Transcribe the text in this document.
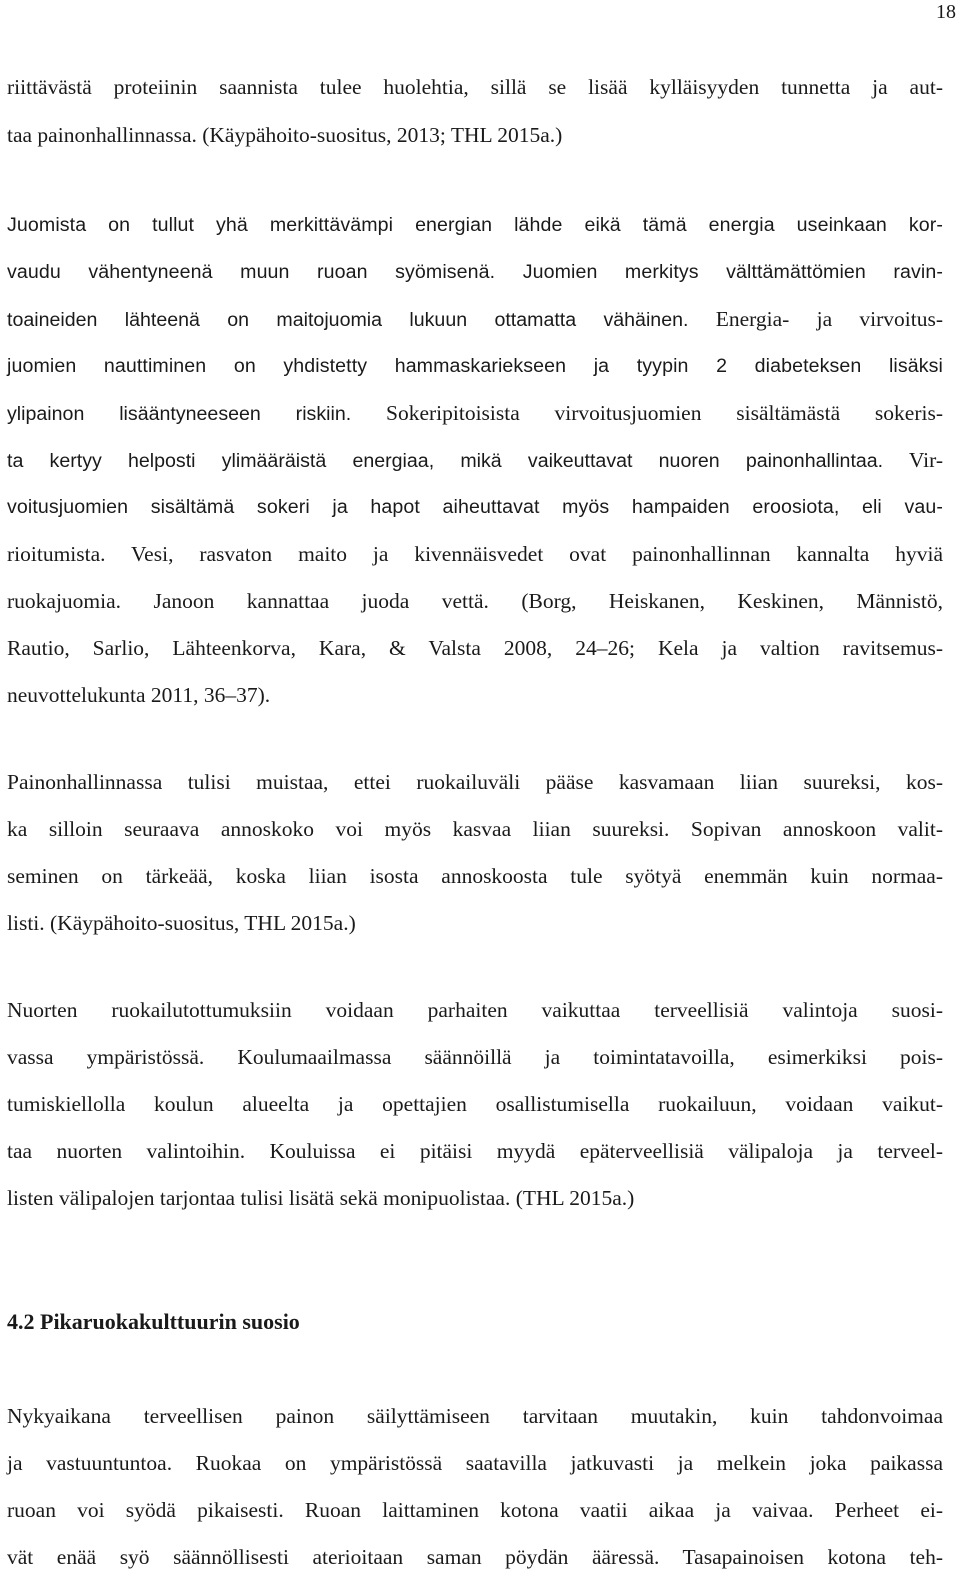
18
riittävästä proteiinin saannista tulee huolehtia, sillä se lisää kylläisyyden tunnetta ja aut-
taa painonhallinnassa. (Käypähoito-suositus, 2013; THL 2015a.)
Juomista on tullut yhä merkittävämpi energian lähde eikä tämä energia useinkaan kor-
vaudu vähentyneenä muun ruoan syömisenä. Juomien merkitys välttämättömien ravin-
toaineiden lähteenä on maitojuomia lukuun ottamatta vähäinen. Energia- ja virvoitus-
juomien nauttiminen on yhdistetty hammaskariekseen ja tyypin 2 diabeteksen lisäksi
ylipainon lisääntyneeseen riskiin. Sokeripitoisista virvoitusjuomien sisältämästä sokeris-
ta kertyy helposti ylimääräistä energiaa, mikä vaikeuttavat nuoren painonhallintaa. Vir-
voitusjuomien sisältämä sokeri ja hapot aiheuttavat myös hampaiden eroosiota, eli vau-
rioitumista. Vesi, rasvaton maito ja kivennäisvedet ovat painonhallinnan kannalta hyviä
ruokajuomia. Janoon kannattaa juoda vettä. (Borg, Heiskanen, Keskinen, Männistö,
Rautio, Sarlio, Lähteenkorva, Kara, & Valsta 2008, 24–26; Kela ja valtion ravitsemus-
neuvottelukunta 2011, 36–37).
Painonhallinnassa tulisi muistaa, ettei ruokailuväli pääse kasvamaan liian suureksi, kos-
ka silloin seuraava annoskoko voi myös kasvaa liian suureksi. Sopivan annoskoon valit-
seminen on tärkeää, koska liian isosta annoskoosta tule syötyä enemmän kuin normaa-
listi. (Käypähoito-suositus, THL 2015a.)
Nuorten ruokailutottumuksiin voidaan parhaiten vaikuttaa terveellisiä valintoja suosi-
vassa ympäristössä. Koulumaailmassa säännöillä ja toimintatavoilla, esimerkiksi pois-
tumiskiellolla koulun alueelta ja opettajien osallistumisella ruokailuun, voidaan vaikut-
taa nuorten valintoihin. Kouluissa ei pitäisi myydä epäterveellisiä välipaloja ja terveel-
listen välipalojen tarjontaa tulisi lisätä sekä monipuolistaa. (THL 2015a.)
4.2 Pikaruokakulttuurin suosio
Nykyaikana terveellisen painon säilyttämiseen tarvitaan muutakin, kuin tahdonvoimaa
ja vastuuntuntoa. Ruokaa on ympäristössä saatavilla jatkuvasti ja melkein joka paikassa
ruoan voi syödä pikaisesti. Ruoan laittaminen kotona vaatii aikaa ja vaivaa. Perheet ei-
vät enää syö säännöllisesti aterioitaan saman pöydän ääressä. Tasapainoisen kotona teh-
